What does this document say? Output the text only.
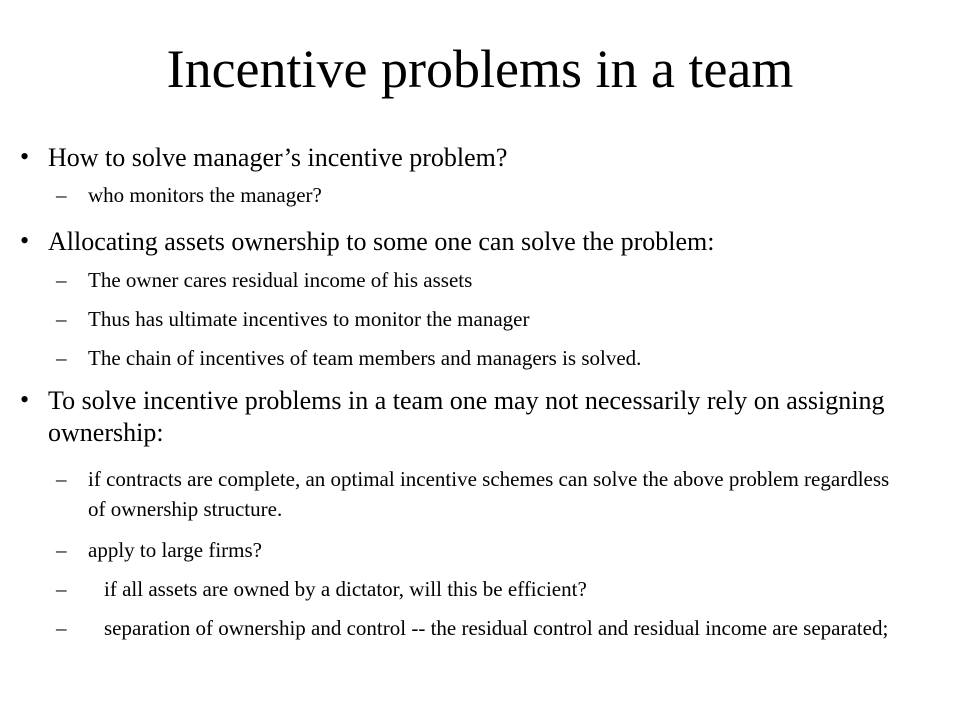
Incentive problems in a team
• How to solve manager’s incentive problem?

–	who monitors the manager?

• Allocating assets ownership to some one can solve the problem:

–	The owner cares residual income of his assets

–	Thus has ultimate incentives to monitor the manager

–	The chain of incentives of team members and managers is solved.

• To solve incentive problems in a team one may not necessarily rely on assigning ownership:

–	if contracts are complete, an optimal incentive schemes can solve the above problem regardless of ownership structure.

–	apply to large firms?

–	if all assets are owned by a dictator, will this be efficient?

–	separation of ownership and control -- the residual control and residual income are separated;
